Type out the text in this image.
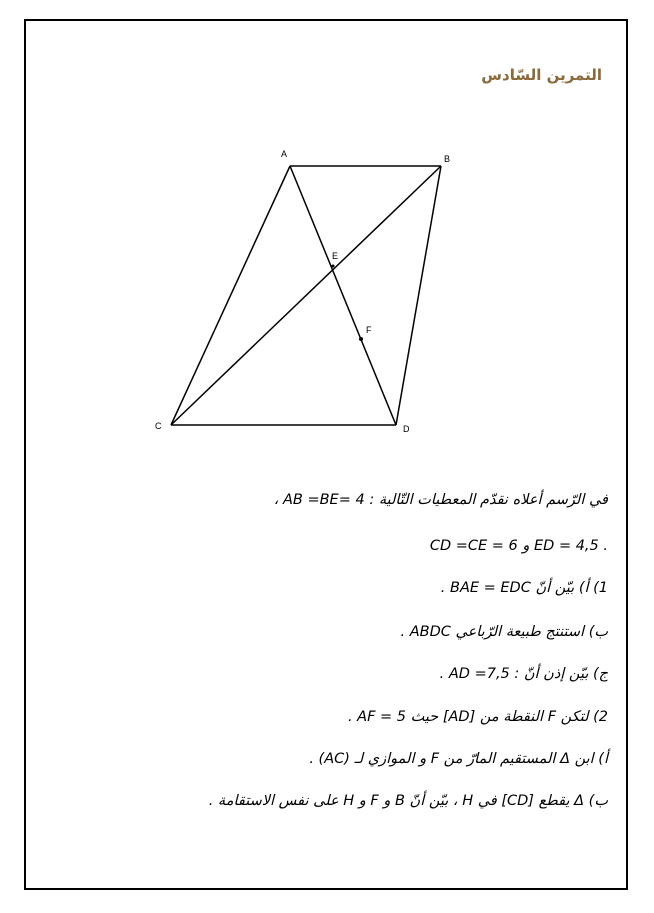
التمرين السّادس
A	B
C	D
E
F
في الرّسم أعلاه نقدّم المعطيات التّالية : 4 =AB =BE ،
. ED = 4,5 و CD =CE = 6
1) أ) بيّن أنّ BAE = EDC .
ب) استنتج طبيعة الرّباعي ABDC .
ج) بيّن إذن أنّ : AD =7,5 .
2) لتكن F النقطة من [AD] حيث AF = 5 .
أ) ابن Δ المستقيم المارّ من F و الموازي لـ (AC) .
ب) Δ يقطع [CD] في H ، بيّن أنّ B و F و H على نفس الاستقامة .
